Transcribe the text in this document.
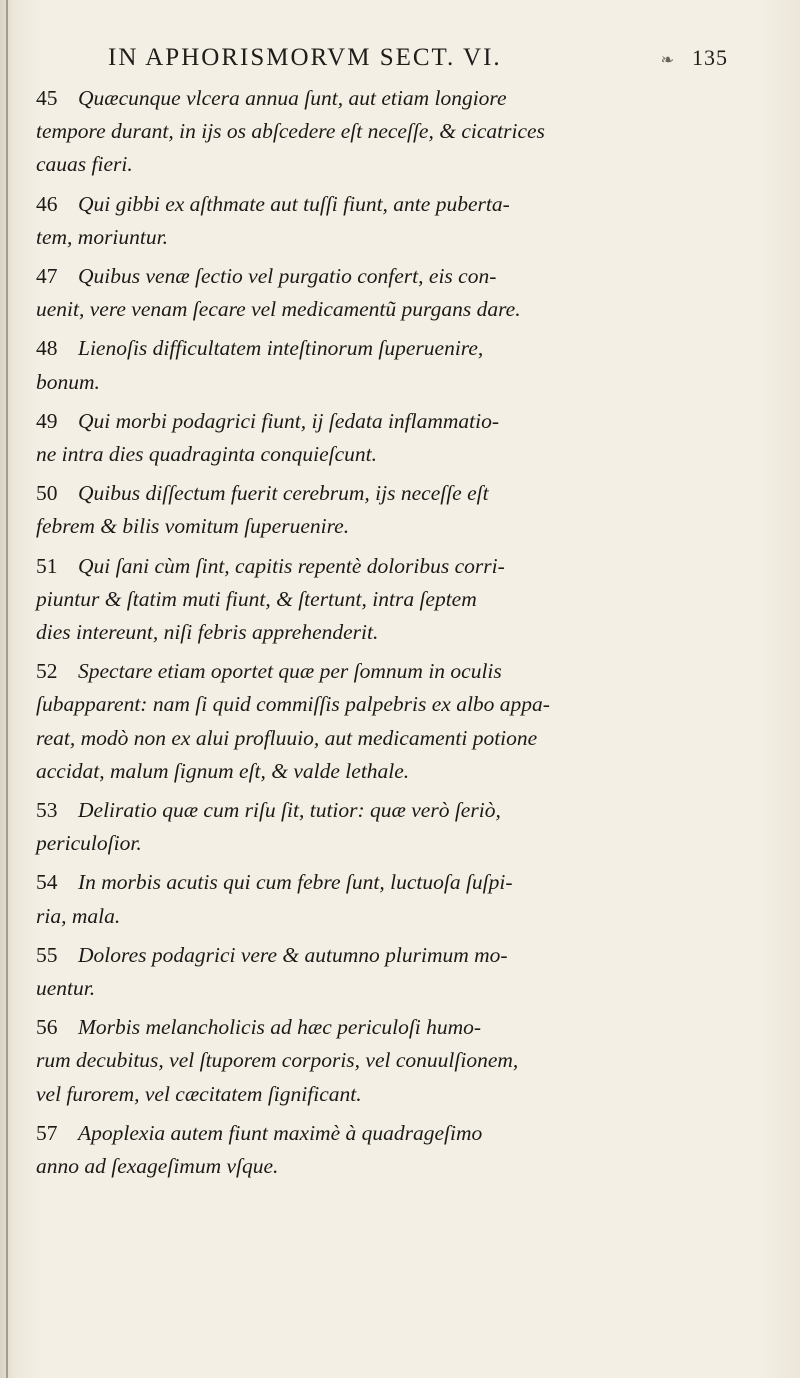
IN APHORISMORVM SECT. VI.	❧ 135
45 Quæcunque vlcera annua ſunt, aut etiam longiore
tempore durant, in ijs os abſcedere eſt neceſſe, & cicatrices
cauas fieri.
46 Qui gibbi ex aſthmate aut tuſſi fiunt, ante puberta-
tem, moriuntur.
47 Quibus venæ ſectio vel purgatio confert, eis con-
uenit, vere venam ſecare vel medicamentũ purgans dare.
48 Lienoſis difficultatem inteſtinorum ſuperuenire,
bonum.
49 Qui morbi podagrici fiunt, ij ſedata inflammatio-
ne intra dies quadraginta conquieſcunt.
50 Quibus diſſectum fuerit cerebrum, ijs neceſſe eſt
febrem & bilis vomitum ſuperuenire.
51 Qui ſani cùm ſint, capitis repentè doloribus corri-
piuntur & ſtatim muti fiunt, & ſtertunt, intra ſeptem
dies intereunt, niſi febris apprehenderit.
52 Spectare etiam oportet quæ per ſomnum in oculis
ſubapparent: nam ſi quid commiſſis palpebris ex albo appa-
reat, modò non ex alui profluuio, aut medicamenti potione
accidat, malum ſignum eſt, & valde lethale.
53 Deliratio quæ cum riſu ſit, tutior: quæ verò ſeriò,
periculoſior.
54 In morbis acutis qui cum febre ſunt, luctuoſa ſuſpi-
ria, mala.
55 Dolores podagrici vere & autumno plurimum mo-
uentur.
56 Morbis melancholicis ad hæc periculoſi humo-
rum decubitus, vel ſtuporem corporis, vel conuulſionem,
vel furorem, vel cæcitatem ſignificant.
57 Apoplexia autem fiunt maximè à quadrageſimo
anno ad ſexageſimum vſque.
